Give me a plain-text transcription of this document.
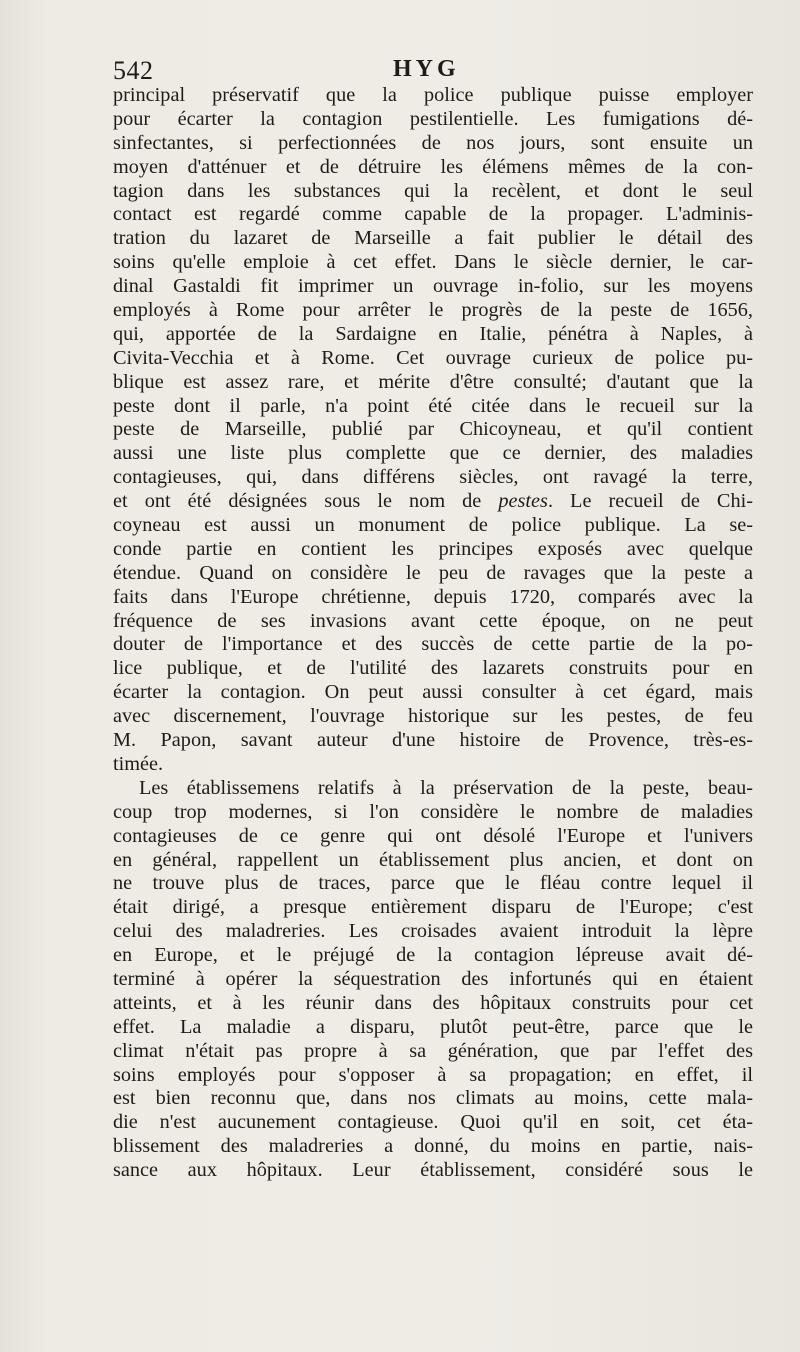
542	HYG
principal préservatif que la police publique puisse employer
pour écarter la contagion pestilentielle. Les fumigations dé-
sinfectantes, si perfectionnées de nos jours, sont ensuite un
moyen d'atténuer et de détruire les élémens mêmes de la con-
tagion dans les substances qui la recèlent, et dont le seul
contact est regardé comme capable de la propager. L'adminis-
tration du lazaret de Marseille a fait publier le détail des
soins qu'elle emploie à cet effet. Dans le siècle dernier, le car-
dinal Gastaldi fit imprimer un ouvrage in-folio, sur les moyens
employés à Rome pour arrêter le progrès de la peste de 1656,
qui, apportée de la Sardaigne en Italie, pénétra à Naples, à
Civita-Vecchia et à Rome. Cet ouvrage curieux de police pu-
blique est assez rare, et mérite d'être consulté; d'autant que la
peste dont il parle, n'a point été citée dans le recueil sur la
peste de Marseille, publié par Chicoyneau, et qu'il contient
aussi une liste plus complette que ce dernier, des maladies
contagieuses, qui, dans différens siècles, ont ravagé la terre,
et ont été désignées sous le nom de pestes. Le recueil de Chi-
coyneau est aussi un monument de police publique. La se-
conde partie en contient les principes exposés avec quelque
étendue. Quand on considère le peu de ravages que la peste a
faits dans l'Europe chrétienne, depuis 1720, comparés avec la
fréquence de ses invasions avant cette époque, on ne peut
douter de l'importance et des succès de cette partie de la po-
lice publique, et de l'utilité des lazarets construits pour en
écarter la contagion. On peut aussi consulter à cet égard, mais
avec discernement, l'ouvrage historique sur les pestes, de feu
M. Papon, savant auteur d'une histoire de Provence, très-es-
timée.
Les établissemens relatifs à la préservation de la peste, beau-
coup trop modernes, si l'on considère le nombre de maladies
contagieuses de ce genre qui ont désolé l'Europe et l'univers
en général, rappellent un établissement plus ancien, et dont on
ne trouve plus de traces, parce que le fléau contre lequel il
était dirigé, a presque entièrement disparu de l'Europe; c'est
celui des maladreries. Les croisades avaient introduit la lèpre
en Europe, et le préjugé de la contagion lépreuse avait dé-
terminé à opérer la séquestration des infortunés qui en étaient
atteints, et à les réunir dans des hôpitaux construits pour cet
effet. La maladie a disparu, plutôt peut-être, parce que le
climat n'était pas propre à sa génération, que par l'effet des
soins employés pour s'opposer à sa propagation; en effet, il
est bien reconnu que, dans nos climats au moins, cette mala-
die n'est aucunement contagieuse. Quoi qu'il en soit, cet éta-
blissement des maladreries a donné, du moins en partie, nais-
sance aux hôpitaux. Leur établissement, considéré sous le
